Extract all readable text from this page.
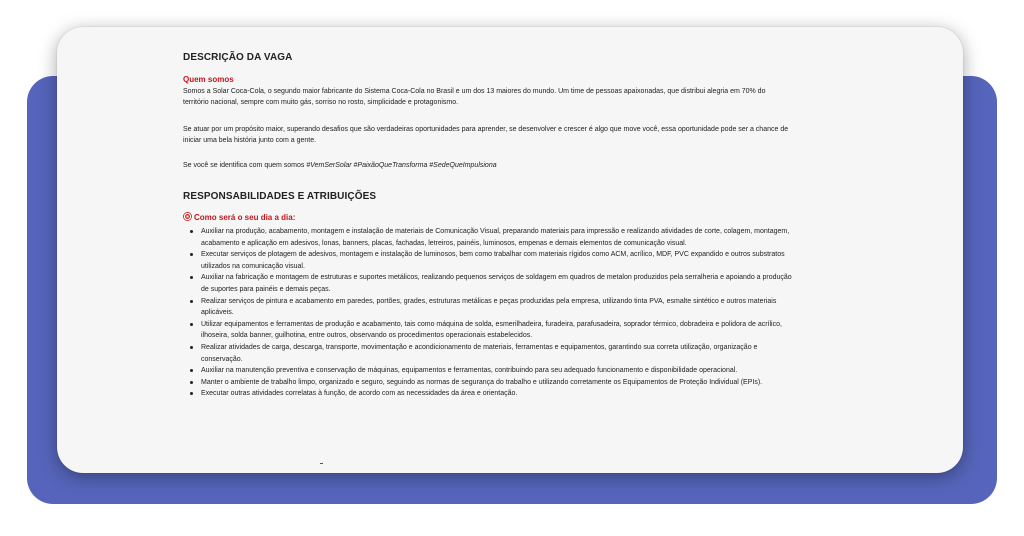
DESCRIÇÃO DA VAGA
Quem somos
Somos a Solar Coca-Cola, o segundo maior fabricante do Sistema Coca-Cola no Brasil e um dos 13 maiores do mundo. Um time de pessoas apaixonadas, que distribui alegria em 70% do território nacional, sempre com muito gás, sorriso no rosto, simplicidade e protagonismo.
Se atuar por um propósito maior, superando desafios que são verdadeiras oportunidades para aprender, se desenvolver e crescer é algo que move você, essa oportunidade pode ser a chance de iniciar uma bela história junto com a gente.
Se você se identifica com quem somos #VemSerSolar #PaixãoQueTransforma #SedeQueImpulsiona
RESPONSABILIDADES E ATRIBUIÇÕES
Como será o seu dia a dia:
Auxiliar na produção, acabamento, montagem e instalação de materiais de Comunicação Visual, preparando materiais para impressão e realizando atividades de corte, colagem, montagem, acabamento e aplicação em adesivos, lonas, banners, placas, fachadas, letreiros, painéis, luminosos, empenas e demais elementos de comunicação visual.
Executar serviços de plotagem de adesivos, montagem e instalação de luminosos, bem como trabalhar com materiais rígidos como ACM, acrílico, MDF, PVC expandido e outros substratos utilizados na comunicação visual.
Auxiliar na fabricação e montagem de estruturas e suportes metálicos, realizando pequenos serviços de soldagem em quadros de metalon produzidos pela serralheria e apoiando a produção de suportes para painéis e demais peças.
Realizar serviços de pintura e acabamento em paredes, portões, grades, estruturas metálicas e peças produzidas pela empresa, utilizando tinta PVA, esmalte sintético e outros materiais aplicáveis.
Utilizar equipamentos e ferramentas de produção e acabamento, tais como máquina de solda, esmerilhadeira, furadeira, parafusadeira, soprador térmico, dobradeira e polidora de acrílico, ilhoseira, solda banner, guilhotina, entre outros, observando os procedimentos operacionais estabelecidos.
Realizar atividades de carga, descarga, transporte, movimentação e acondicionamento de materiais, ferramentas e equipamentos, garantindo sua correta utilização, organização e conservação.
Auxiliar na manutenção preventiva e conservação de máquinas, equipamentos e ferramentas, contribuindo para seu adequado funcionamento e disponibilidade operacional.
Manter o ambiente de trabalho limpo, organizado e seguro, seguindo as normas de segurança do trabalho e utilizando corretamente os Equipamentos de Proteção Individual (EPIs).
Executar outras atividades correlatas à função, de acordo com as necessidades da área e orientação.
